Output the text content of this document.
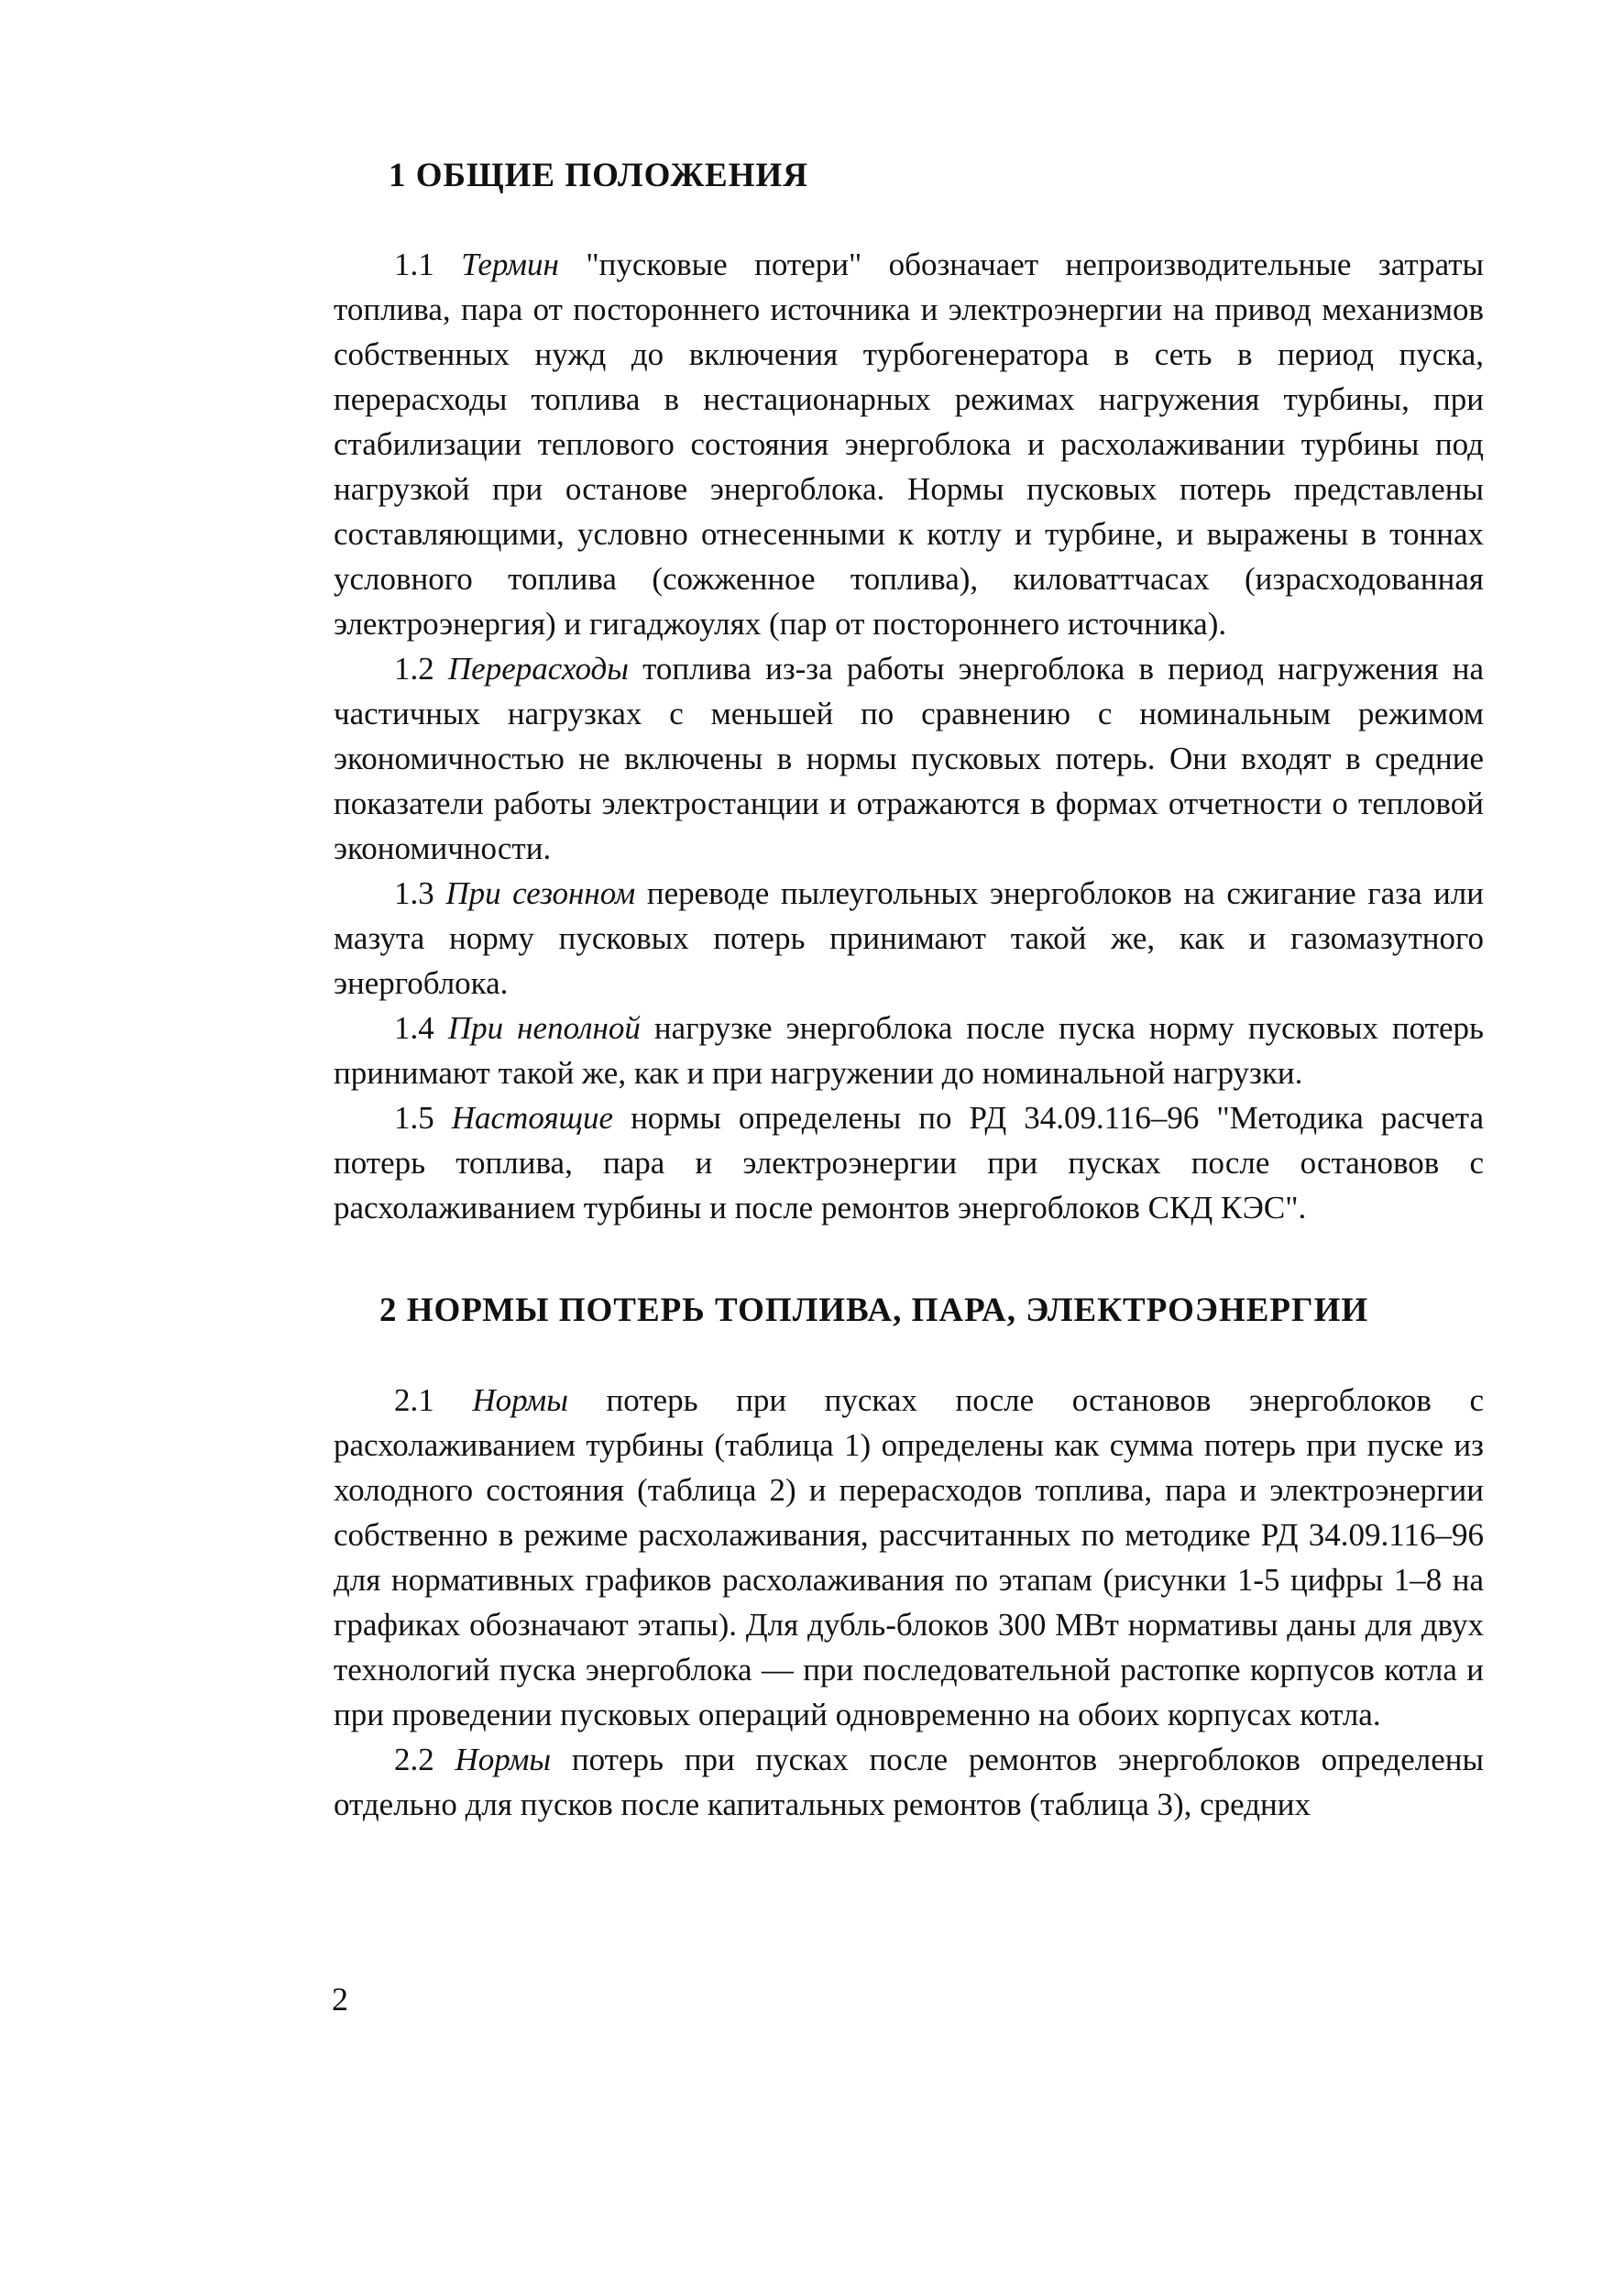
1 ОБЩИЕ ПОЛОЖЕНИЯ

1.1 Термин "пусковые потери" обозначает непроизводительные затраты топлива, пара от постороннего источника и электроэнергии на привод механизмов собственных нужд до включения турбогенератора в сеть в период пуска, перерасходы топлива в нестационарных режимах нагружения турбины, при стабилизации теплового состояния энергоблока и расхолаживании турбины под нагрузкой при останове энергоблока. Нормы пусковых потерь представлены составляющими, условно отнесенными к котлу и турбине, и выражены в тоннах условного топлива (сожженное топлива), киловаттчасах (израсходованная электроэнергия) и гигаджоулях (пар от постороннего источника).

1.2 Перерасходы топлива из-за работы энергоблока в период нагружения на частичных нагрузках с меньшей по сравнению с номинальным режимом экономичностью не включены в нормы пусковых потерь. Они входят в средние показатели работы электростанции и отражаются в формах отчетности о тепловой экономичности.

1.3 При сезонном переводе пылеугольных энергоблоков на сжигание газа или мазута норму пусковых потерь принимают такой же, как и газомазутного энергоблока.

1.4 При неполной нагрузке энергоблока после пуска норму пусковых потерь принимают такой же, как и при нагружении до номинальной нагрузки.

1.5 Настоящие нормы определены по РД 34.09.116–96 "Методика расчета потерь топлива, пара и электроэнергии при пусках после остановов с расхолаживанием турбины и после ремонтов энергоблоков СКД КЭС".

2 НОРМЫ ПОТЕРЬ ТОПЛИВА, ПАРА, ЭЛЕКТРОЭНЕРГИИ

2.1 Нормы потерь при пусках после остановов энергоблоков с расхолаживанием турбины (таблица 1) определены как сумма потерь при пуске из холодного состояния (таблица 2) и перерасходов топлива, пара и электроэнергии собственно в режиме расхолаживания, рассчитанных по методике РД 34.09.116–96 для нормативных графиков расхолаживания по этапам (рисунки 1-5 цифры 1–8 на графиках обозначают этапы). Для дубль-блоков 300 МВт нормативы даны для двух технологий пуска энергоблока — при последовательной растопке корпусов котла и при проведении пусковых операций одновременно на обоих корпусах котла.

2.2 Нормы потерь при пусках после ремонтов энергоблоков определены отдельно для пусков после капитальных ремонтов (таблица 3), средних

2
